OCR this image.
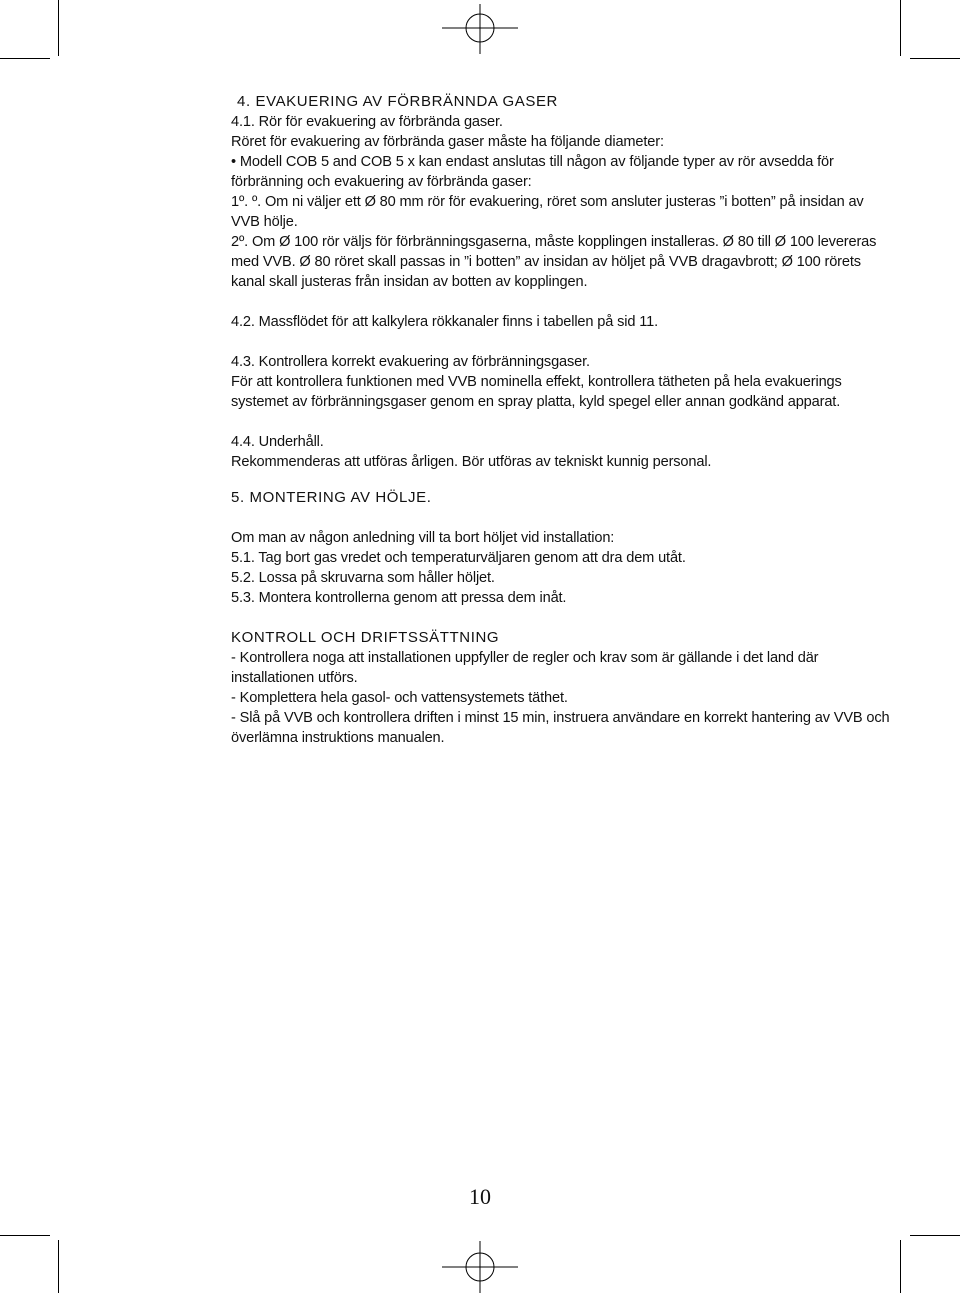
4. EVAKUERING AV FÖRBRÄNNDA GASER

4.1. Rör för evakuering av förbrända gaser.

Röret för evakuering av förbrända gaser måste ha följande diameter:

• Modell COB 5 and COB 5 x kan endast anslutas till någon av följande typer av rör avsedda för förbränning och evakuering av förbrända gaser:

1º. º. Om ni väljer ett Ø 80 mm rör för evakuering, röret som ansluter justeras ”i botten” på insidan av VVB hölje.

2º. Om Ø 100 rör väljs för förbränningsgaserna, måste kopplingen installeras. Ø 80 till Ø 100 levereras med VVB. Ø 80 röret skall passas in ”i botten” av insidan av höljet på VVB dragavbrott; Ø 100 rörets kanal skall justeras från insidan av botten av kopplingen.

4.2. Massflödet för att kalkylera rökkanaler finns i tabellen på sid 11.

4.3. Kontrollera korrekt evakuering av förbränningsgaser.

För att kontrollera funktionen med VVB nominella effekt, kontrollera tätheten på hela evakuerings systemet av förbränningsgaser genom en spray platta, kyld spegel eller annan godkänd apparat.

4.4. Underhåll.

Rekommenderas att utföras årligen. Bör utföras av tekniskt kunnig personal.

5. MONTERING AV HÖLJE.

Om man av någon anledning vill ta bort höljet vid installation:

5.1. Tag bort gas vredet och temperaturväljaren genom att dra dem utåt.

5.2. Lossa på skruvarna som håller höljet.

5.3. Montera kontrollerna genom att pressa dem inåt.

KONTROLL OCH DRIFTSSÄTTNING

- Kontrollera noga att installationen uppfyller de regler och krav som är gällande i det land där installationen utförs.

- Komplettera hela gasol- och vattensystemets täthet.

- Slå på VVB och kontrollera driften i minst 15 min, instruera användare en korrekt hantering av VVB och överlämna instruktions manualen.

10
